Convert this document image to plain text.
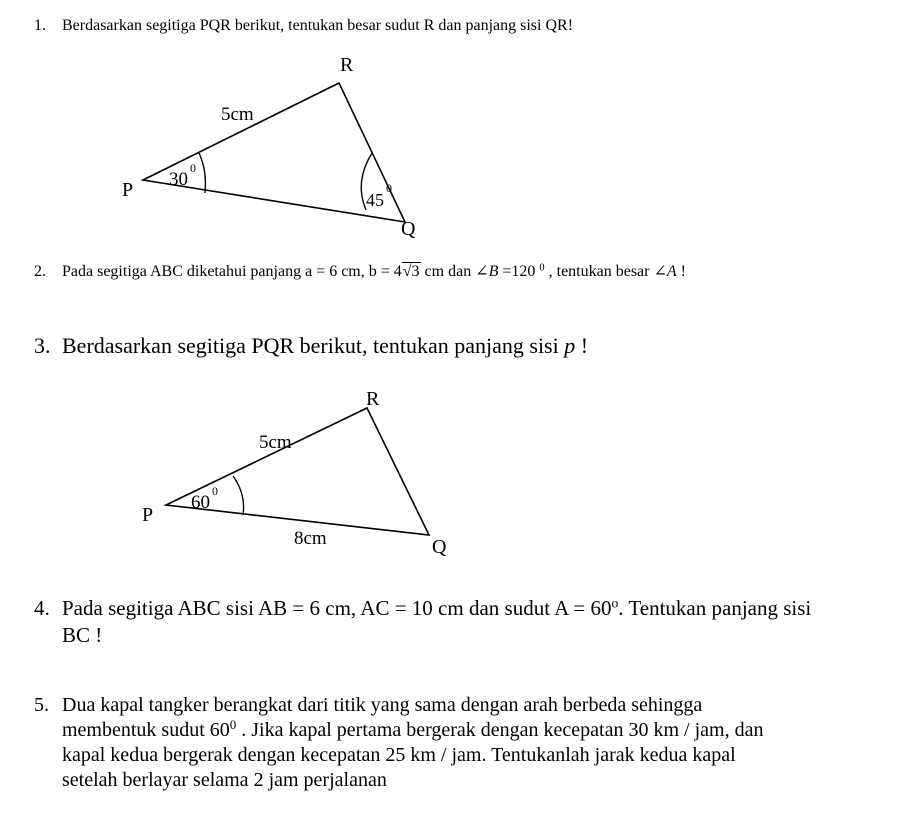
1. Berdasarkan segitiga PQR berikut, tentukan besar sudut R dan panjang sisi QR!
R
P
Q
5cm
30
0
45
0
R
P
Q
5cm
8cm
60
0
2. Pada segitiga ABC diketahui panjang a = 6 cm, b = 4√3 cm dan ∠B =120 $^0$ , tentukan besar ∠A !
3. Berdasarkan segitiga PQR berikut, tentukan panjang sisi p !
4. Pada segitiga ABC sisi AB = 6 cm, AC = 10 cm dan sudut $A = 60^o$. Tentukan panjang sisi
BC !
5. Dua kapal tangker berangkat dari titik yang sama dengan arah berbeda sehingga
membentuk sudut $60^0$ . Jika kapal pertama bergerak dengan kecepatan 30 km / jam, dan
kapal kedua bergerak dengan kecepatan 25 km / jam. Tentukanlah jarak kedua kapal
setelah berlayar selama 2 jam perjalanan
